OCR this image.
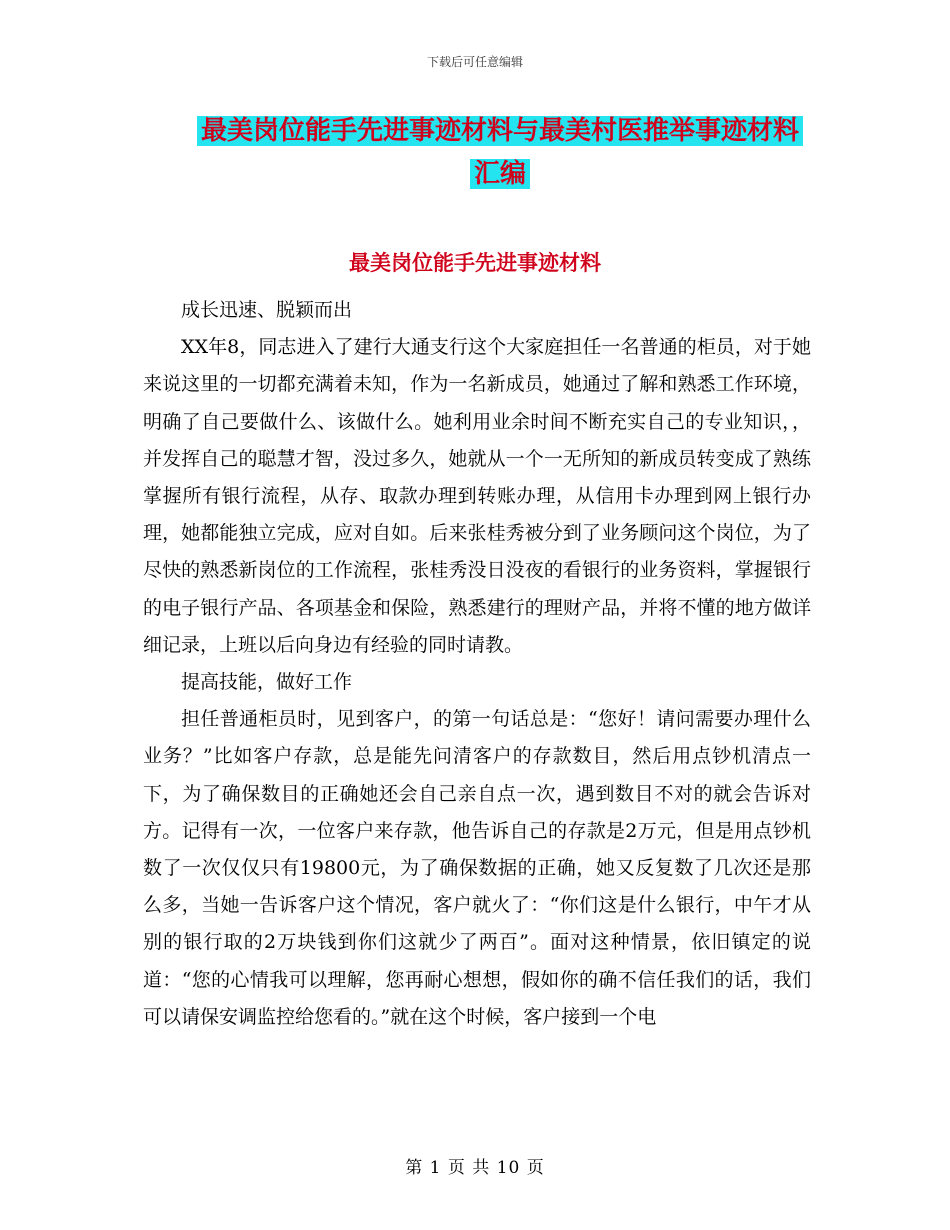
下载后可任意编辑
最美岗位能手先进事迹材料与最美村医推举事迹材料
汇编
最美岗位能手先进事迹材料

成长迅速、脱颖而出

XX年8，同志进入了建行大通支行这个大家庭担任一名普通的柜员，对于她来说这里的一切都充满着未知，作为一名新成员，她通过了解和熟悉工作环境，明确了自己要做什么、该做什么。她利用业余时间不断充实自己的专业知识，，并发挥自己的聪慧才智，没过多久，她就从一个一无所知的新成员转变成了熟练掌握所有银行流程，从存、取款办理到转账办理，从信用卡办理到网上银行办理，她都能独立完成，应对自如。后来张桂秀被分到了业务顾问这个岗位，为了尽快的熟悉新岗位的工作流程，张桂秀没日没夜的看银行的业务资料，掌握银行的电子银行产品、各项基金和保险，熟悉建行的理财产品，并将不懂的地方做详细记录，上班以后向身边有经验的同时请教。

提高技能，做好工作

担任普通柜员时，见到客户，的第一句话总是：“您好！请问需要办理什么业务？”比如客户存款，总是能先问清客户的存款数目，然后用点钞机清点一下，为了确保数目的正确她还会自己亲自点一次，遇到数目不对的就会告诉对方。记得有一次，一位客户来存款，他告诉自己的存款是2万元，但是用点钞机数了一次仅仅只有19800元，为了确保数据的正确，她又反复数了几次还是那么多，当她一告诉客户这个情况，客户就火了：“你们这是什么银行，中午才从别的银行取的2万块钱到你们这就少了两百”。面对这种情景，依旧镇定的说道：“您的心情我可以理解，您再耐心想想，假如你的确不信任我们的话，我们可以请保安调监控给您看的。”就在这个时候，客户接到一个电

第 1 页 共 10 页
